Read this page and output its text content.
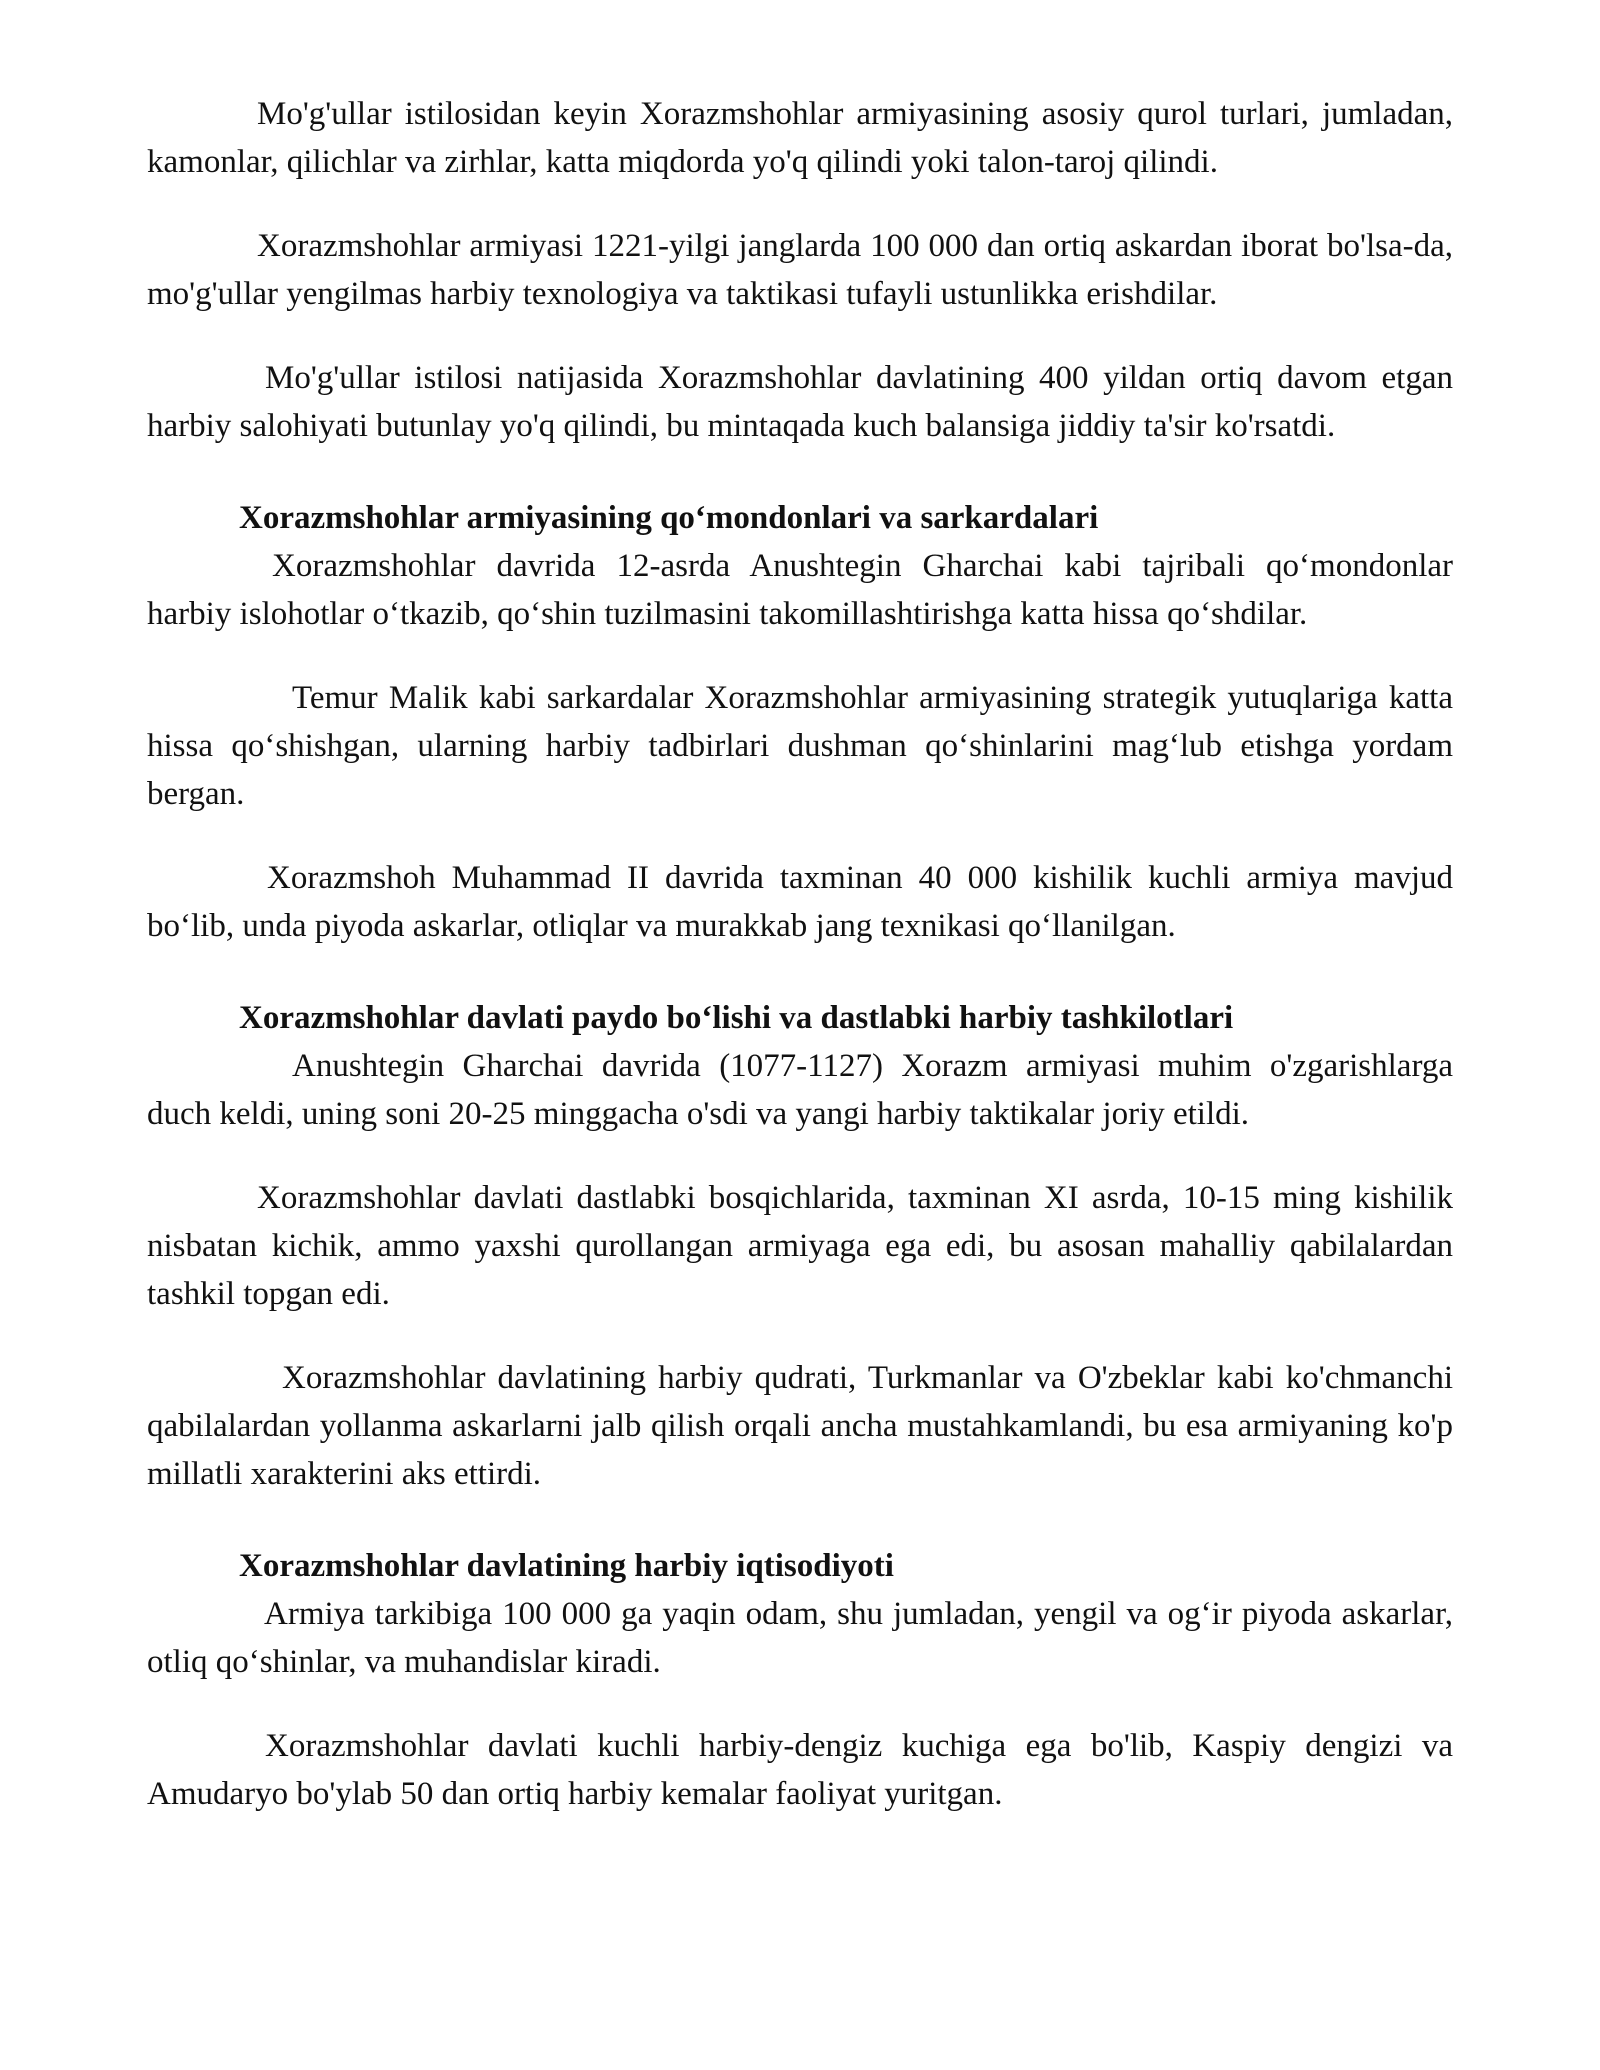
Mo'g'ullar istilosidan keyin Xorazmshohlar armiyasining asosiy qurol turlari, jumladan, kamonlar, qilichlar va zirhlar, katta miqdorda yo'q qilindi yoki talon-taroj qilindi.

Xorazmshohlar armiyasi 1221-yilgi janglarda 100 000 dan ortiq askardan iborat bo'lsa-da, mo'g'ullar yengilmas harbiy texnologiya va taktikasi tufayli ustunlikka erishdilar.

Mo'g'ullar istilosi natijasida Xorazmshohlar davlatining 400 yildan ortiq davom etgan harbiy salohiyati butunlay yo'q qilindi, bu mintaqada kuch balansiga jiddiy ta'sir ko'rsatdi.

Xorazmshohlar armiyasining qo‘mondonlari va sarkardalari

Xorazmshohlar davrida 12-asrda Anushtegin Gharchai kabi tajribali qo‘mondonlar harbiy islohotlar o‘tkazib, qo‘shin tuzilmasini takomillashtirishga katta hissa qo‘shdilar.

Temur Malik kabi sarkardalar Xorazmshohlar armiyasining strategik yutuqlariga katta hissa qo‘shishgan, ularning harbiy tadbirlari dushman qo‘shinlarini mag‘lub etishga yordam bergan.

Xorazmshoh Muhammad II davrida taxminan 40 000 kishilik kuchli armiya mavjud bo‘lib, unda piyoda askarlar, otliqlar va murakkab jang texnikasi qo‘llanilgan.

Xorazmshohlar davlati paydo bo‘lishi va dastlabki harbiy tashkilotlari

Anushtegin Gharchai davrida (1077-1127) Xorazm armiyasi muhim o'zgarishlarga duch keldi, uning soni 20-25 minggacha o'sdi va yangi harbiy taktikalar joriy etildi.

Xorazmshohlar davlati dastlabki bosqichlarida, taxminan XI asrda, 10-15 ming kishilik nisbatan kichik, ammo yaxshi qurollangan armiyaga ega edi, bu asosan mahalliy qabilalardan tashkil topgan edi.

Xorazmshohlar davlatining harbiy qudrati, Turkmanlar va O'zbeklar kabi ko'chmanchi qabilalardan yollanma askarlarni jalb qilish orqali ancha mustahkamlandi, bu esa armiyaning ko'p millatli xarakterini aks ettirdi.

Xorazmshohlar davlatining harbiy iqtisodiyoti

Armiya tarkibiga 100 000 ga yaqin odam, shu jumladan, yengil va og‘ir piyoda askarlar, otliq qo‘shinlar, va muhandislar kiradi.

Xorazmshohlar davlati kuchli harbiy-dengiz kuchiga ega bo'lib, Kaspiy dengizi va Amudaryo bo'ylab 50 dan ortiq harbiy kemalar faoliyat yuritgan.
